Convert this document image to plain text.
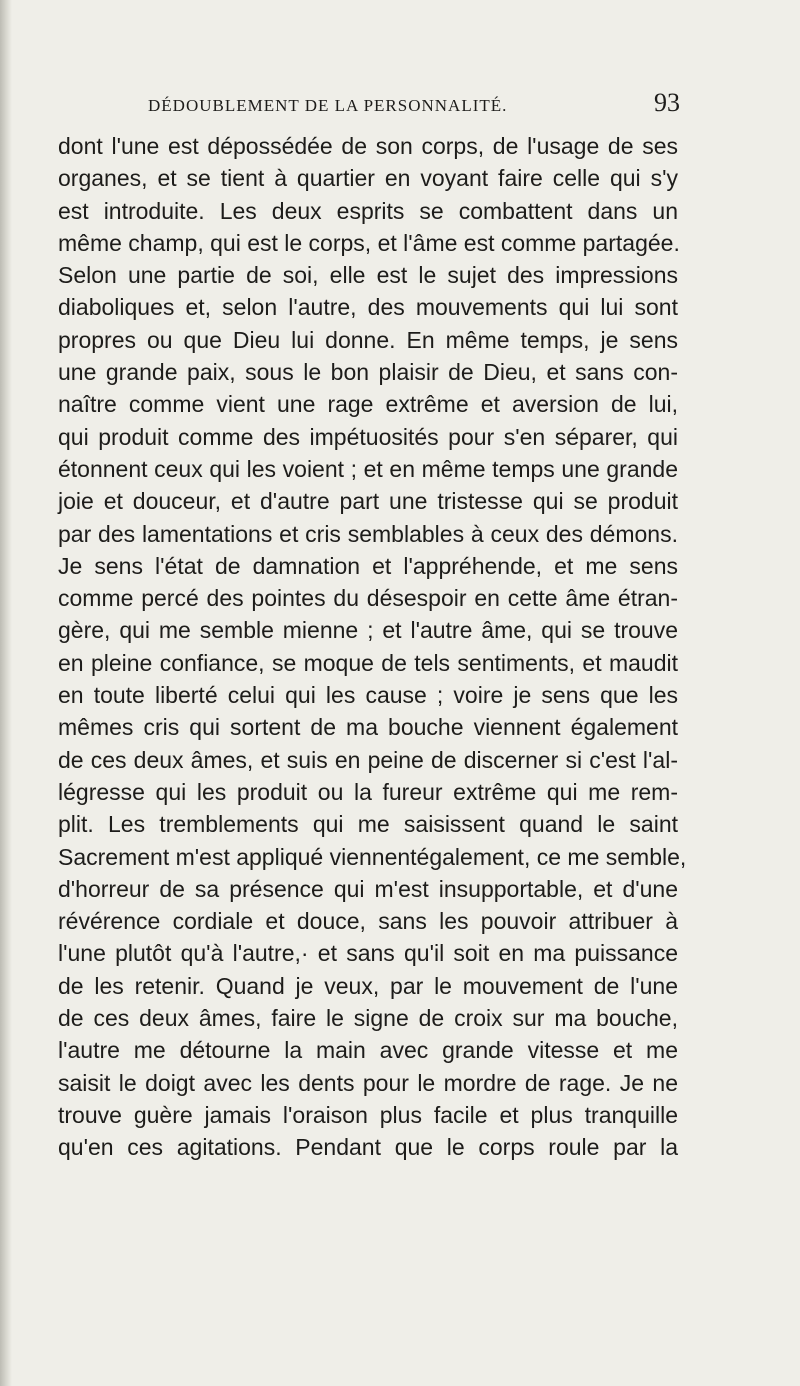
DÉDOUBLEMENT DE LA PERSONNALITÉ.	93
dont l'une est dépossédée de son corps, de l'usage de ses
organes, et se tient à quartier en voyant faire celle qui s'y
est introduite. Les deux esprits se combattent dans un
même champ, qui est le corps, et l'âme est comme partagée.
Selon une partie de soi, elle est le sujet des impressions
diaboliques et, selon l'autre, des mouvements qui lui sont
propres ou que Dieu lui donne. En même temps, je sens
une grande paix, sous le bon plaisir de Dieu, et sans con-
naître comme vient une rage extrême et aversion de lui,
qui produit comme des impétuosités pour s'en séparer, qui
étonnent ceux qui les voient ; et en même temps une grande
joie et douceur, et d'autre part une tristesse qui se produit
par des lamentations et cris semblables à ceux des démons.
Je sens l'état de damnation et l'appréhende, et me sens
comme percé des pointes du désespoir en cette âme étran-
gère, qui me semble mienne ; et l'autre âme, qui se trouve
en pleine confiance, se moque de tels sentiments, et maudit
en toute liberté celui qui les cause ; voire je sens que les
mêmes cris qui sortent de ma bouche viennent également
de ces deux âmes, et suis en peine de discerner si c'est l'al-
légresse qui les produit ou la fureur extrême qui me rem-
plit. Les tremblements qui me saisissent quand le saint
Sacrement m'est appliqué viennentégalement, ce me semble,
d'horreur de sa présence qui m'est insupportable, et d'une
révérence cordiale et douce, sans les pouvoir attribuer à
l'une plutôt qu'à l'autre,· et sans qu'il soit en ma puissance
de les retenir. Quand je veux, par le mouvement de l'une
de ces deux âmes, faire le signe de croix sur ma bouche,
l'autre me détourne la main avec grande vitesse et me
saisit le doigt avec les dents pour le mordre de rage. Je ne
trouve guère jamais l'oraison plus facile et plus tranquille
qu'en ces agitations. Pendant que le corps roule par la
